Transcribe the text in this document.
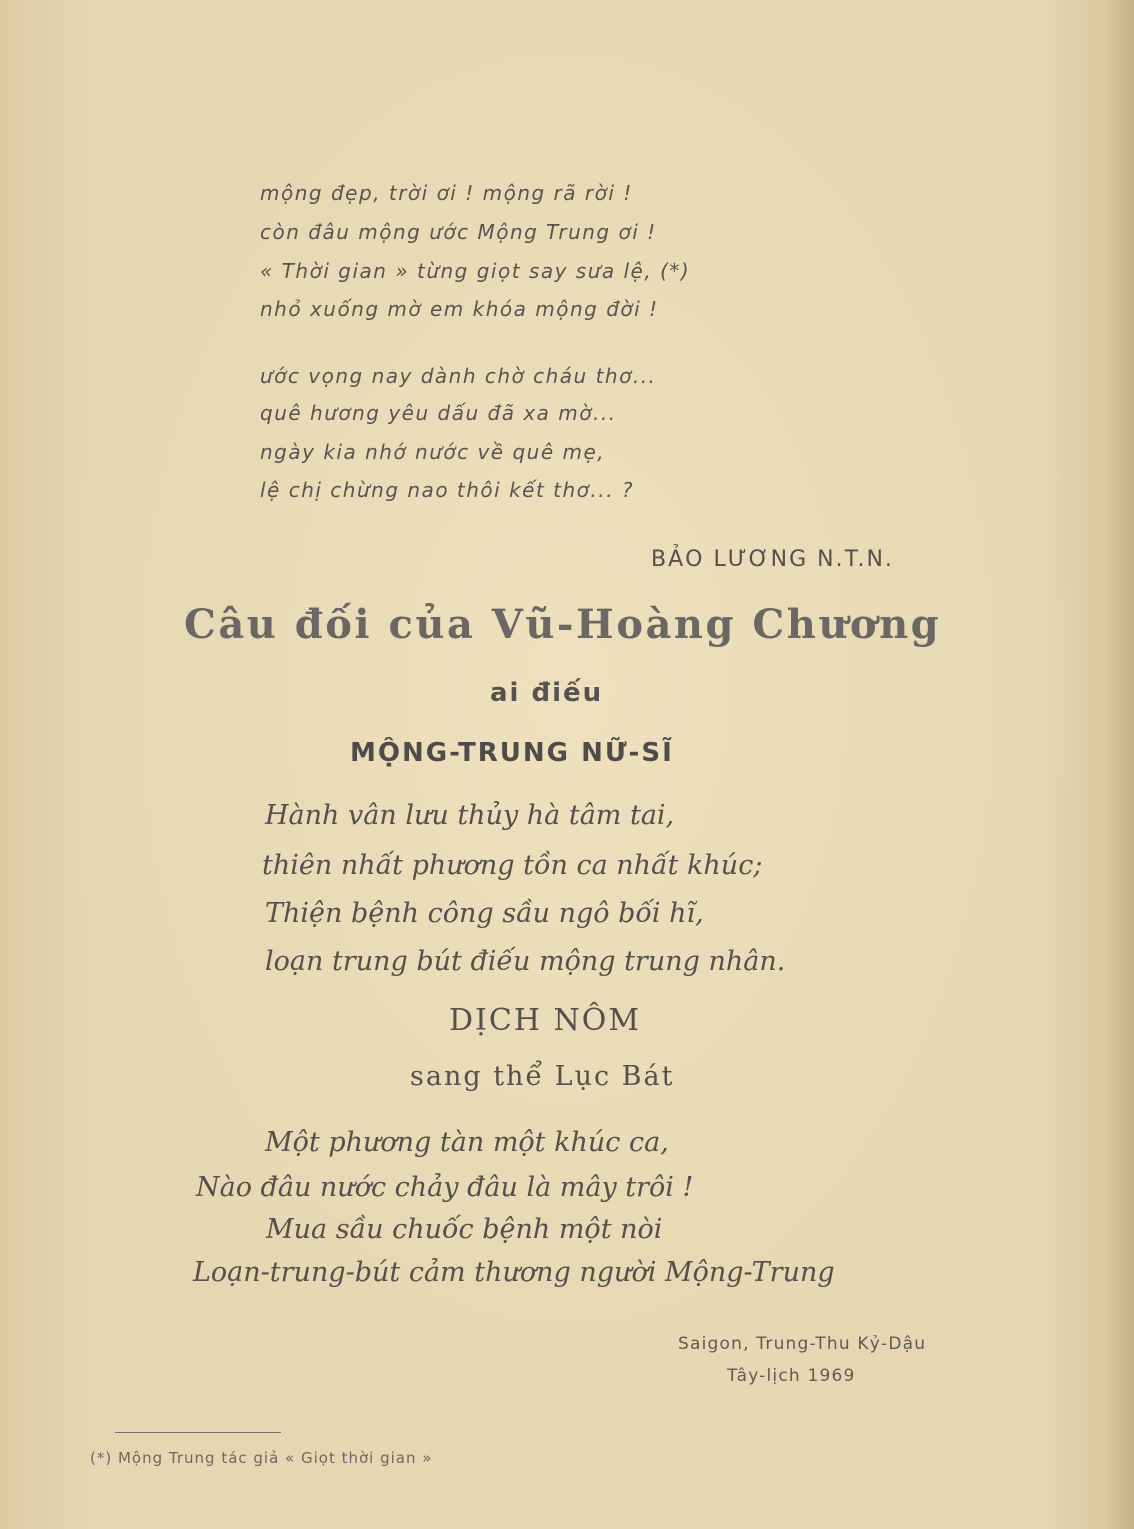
mộng đẹp, trời ơi ! mộng rã rời !
còn đâu mộng ước Mộng Trung ơi !
« Thời gian » từng giọt say sưa lệ, (*)
nhỏ xuống mờ em khóa mộng đời !
ước vọng nay dành chờ cháu thơ...
quê hương yêu dấu đã xa mờ...
ngày kia nhớ nước về quê mẹ,
lệ chị chừng nao thôi kết thơ... ?
BẢO LƯƠNG N.T.N.
Câu đối của Vũ-Hoàng Chương
ai điếu
MỘNG-TRUNG NỮ-SĨ
Hành vân lưu thủy hà tâm tai,
thiên nhất phương tồn ca nhất khúc;
Thiện bệnh công sầu ngô bối hĩ,
loạn trung bút điếu mộng trung nhân.
DỊCH NÔM
sang thể Lục Bát
Một phương tàn một khúc ca,
Nào đâu nước chảy đâu là mây trôi !
Mua sầu chuốc bệnh một nòi
Loạn-trung-bút cảm thương người Mộng-Trung
Saigon, Trung-Thu Kỷ-Dậu
Tây-lịch 1969
(*) Mộng Trung tác giả « Giọt thời gian »
